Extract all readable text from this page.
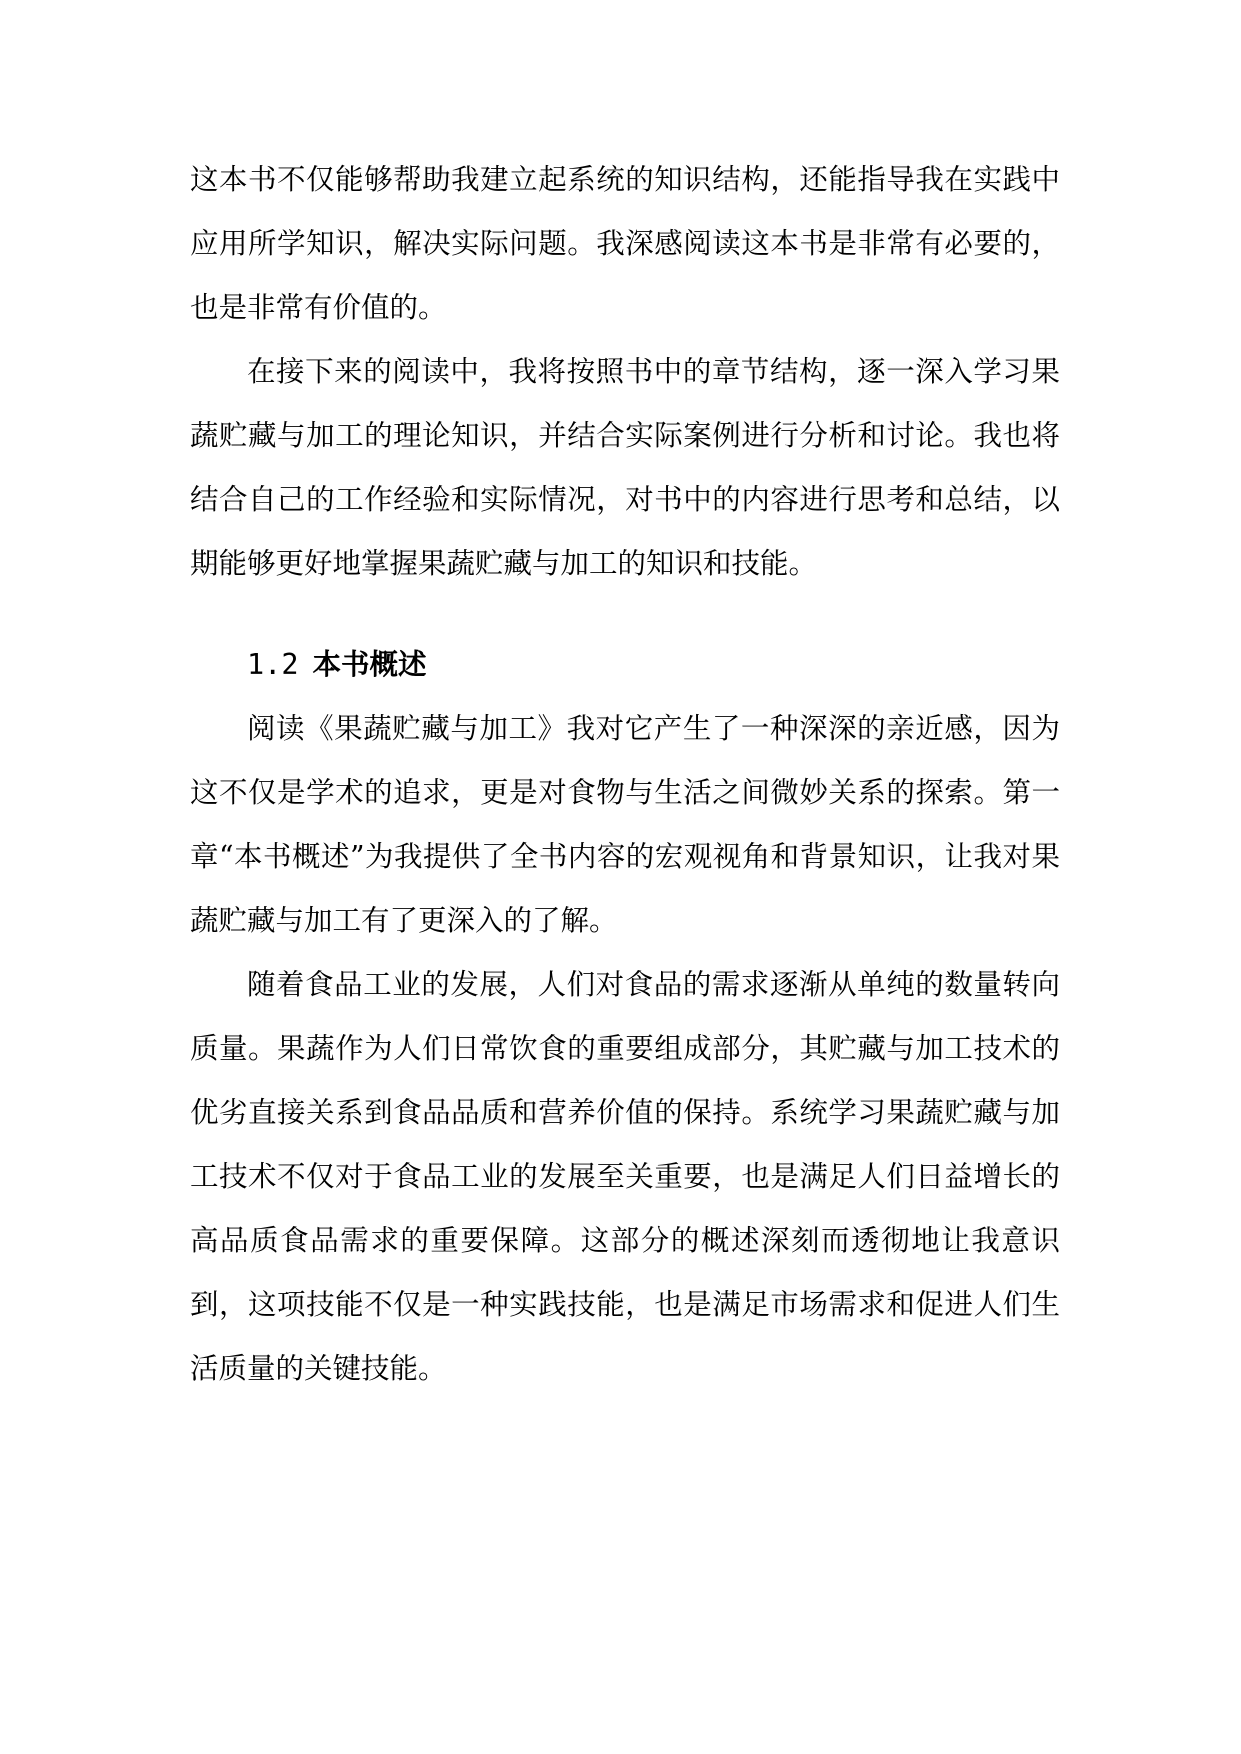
这本书不仅能够帮助我建立起系统的知识结构，还能指导我在实践中应用所学知识，解决实际问题。我深感阅读这本书是非常有必要的，也是非常有价值的。

在接下来的阅读中，我将按照书中的章节结构，逐一深入学习果蔬贮藏与加工的理论知识，并结合实际案例进行分析和讨论。我也将结合自己的工作经验和实际情况，对书中的内容进行思考和总结，以期能够更好地掌握果蔬贮藏与加工的知识和技能。

1.2 本书概述

阅读《果蔬贮藏与加工》我对它产生了一种深深的亲近感，因为这不仅是学术的追求，更是对食物与生活之间微妙关系的探索。第一章“本书概述”为我提供了全书内容的宏观视角和背景知识，让我对果蔬贮藏与加工有了更深入的了解。

随着食品工业的发展，人们对食品的需求逐渐从单纯的数量转向质量。果蔬作为人们日常饮食的重要组成部分，其贮藏与加工技术的优劣直接关系到食品品质和营养价值的保持。系统学习果蔬贮藏与加工技术不仅对于食品工业的发展至关重要，也是满足人们日益增长的高品质食品需求的重要保障。这部分的概述深刻而透彻地让我意识到，这项技能不仅是一种实践技能，也是满足市场需求和促进人们生活质量的关键技能。
